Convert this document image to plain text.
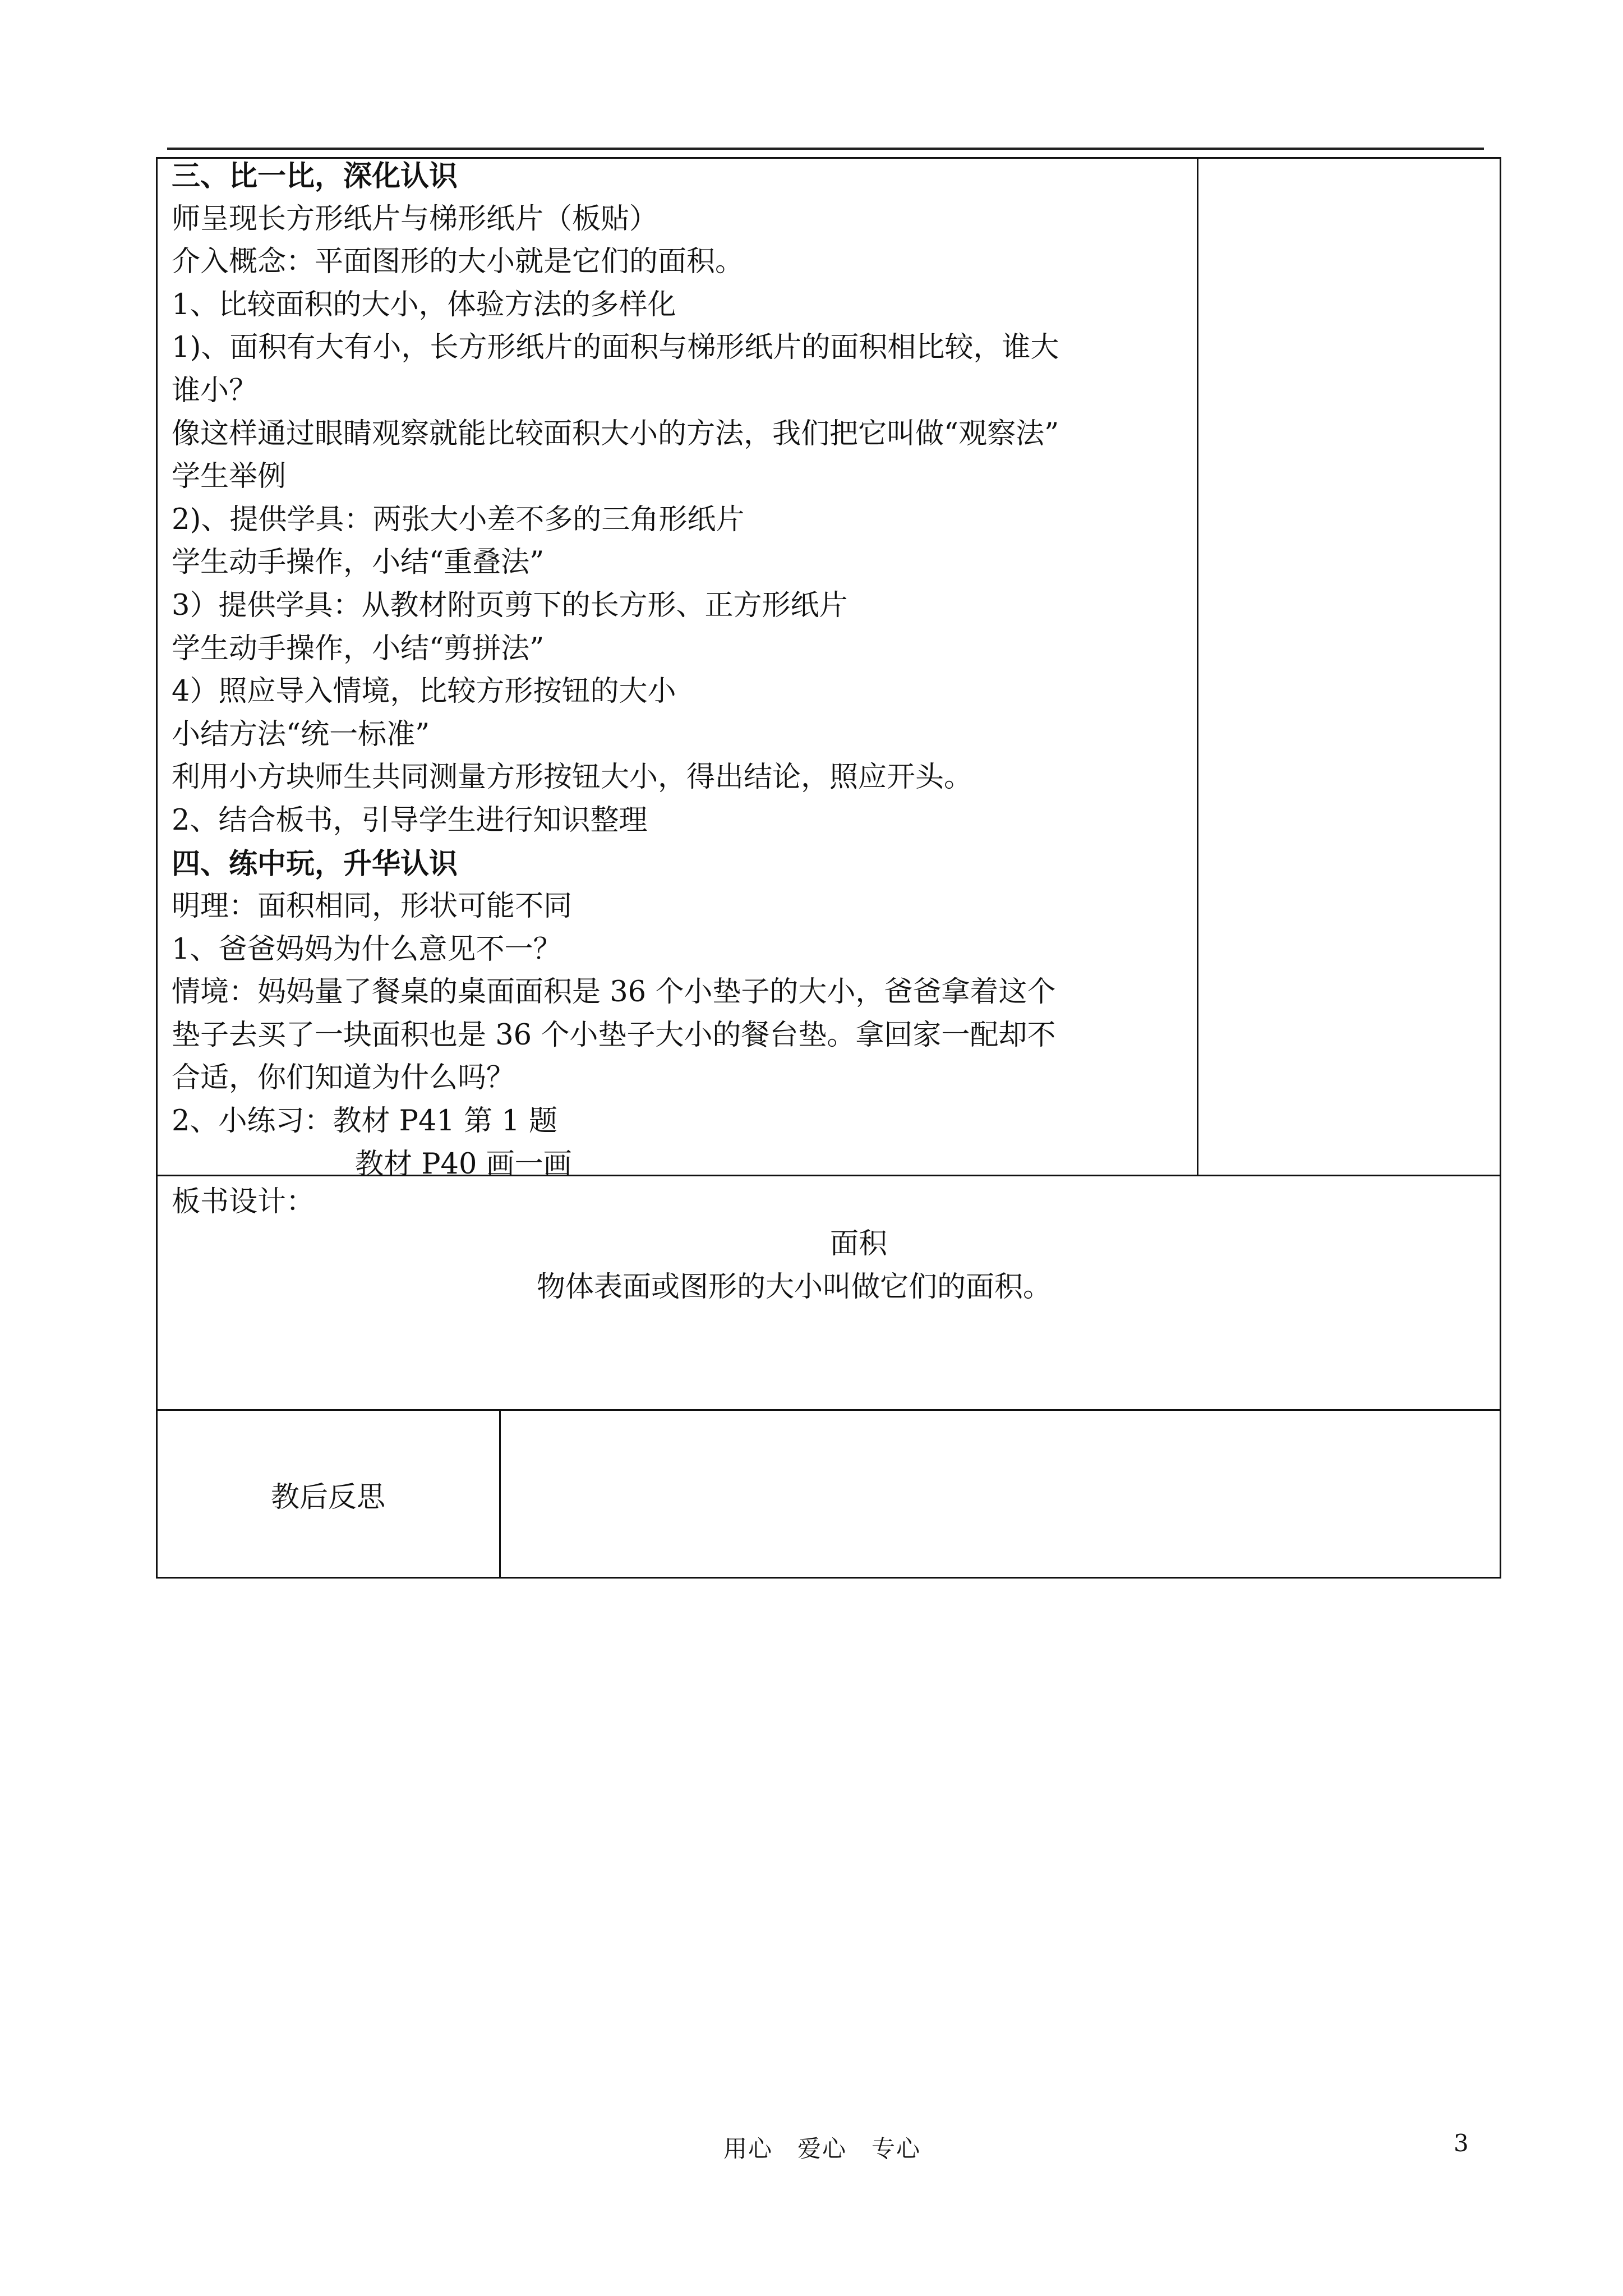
三、比一比，深化认识
师呈现长方形纸片与梯形纸片（板贴）
介入概念：平面图形的大小就是它们的面积。
1、比较面积的大小，体验方法的多样化
1)、面积有大有小，长方形纸片的面积与梯形纸片的面积相比较，谁大
谁小？
像这样通过眼睛观察就能比较面积大小的方法，我们把它叫做“观察法”
学生举例
2)、提供学具：两张大小差不多的三角形纸片
学生动手操作，小结“重叠法”
3）提供学具：从教材附页剪下的长方形、正方形纸片
学生动手操作，小结“剪拼法”
4）照应导入情境，比较方形按钮的大小
小结方法“统一标准”
利用小方块师生共同测量方形按钮大小，得出结论，照应开头。
2、结合板书，引导学生进行知识整理
四、练中玩，升华认识
明理：面积相同，形状可能不同
1、爸爸妈妈为什么意见不一？
情境：妈妈量了餐桌的桌面面积是 36 个小垫子的大小，爸爸拿着这个
垫子去买了一块面积也是 36 个小垫子大小的餐台垫。拿回家一配却不
合适，你们知道为什么吗？
2、小练习：教材 P41 第 1 题
教材 P40 画一画
板书设计：
面积
物体表面或图形的大小叫做它们的面积。
教后反思
用心　爱心　专心	3
